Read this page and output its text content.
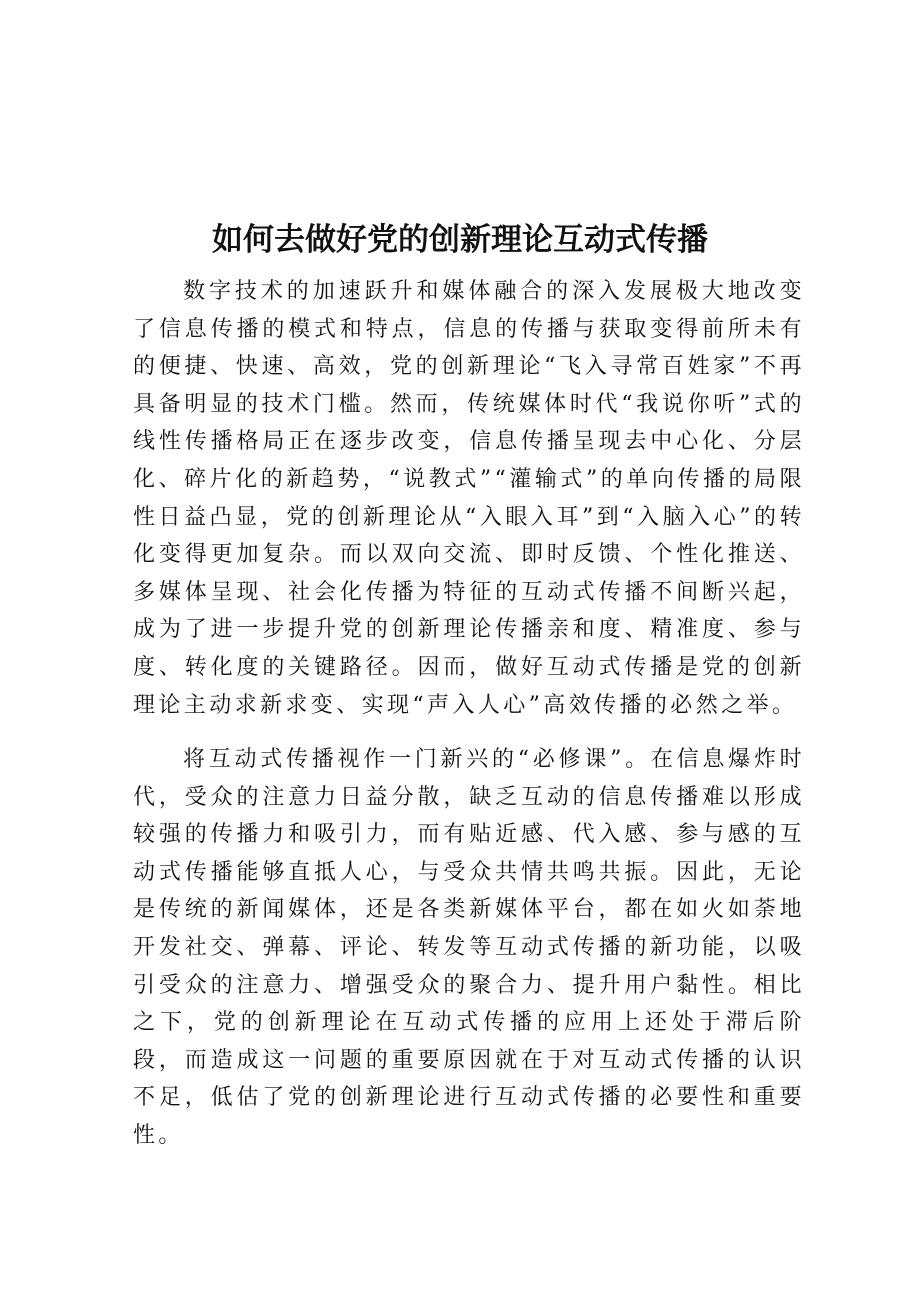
如何去做好党的创新理论互动式传播

数字技术的加速跃升和媒体融合的深入发展极大地改变了信息传播的模式和特点，信息的传播与获取变得前所未有的便捷、快速、高效，党的创新理论“飞入寻常百姓家”不再具备明显的技术门槛。然而，传统媒体时代“我说你听”式的线性传播格局正在逐步改变，信息传播呈现去中心化、分层化、碎片化的新趋势，“说教式”“灌输式”的单向传播的局限性日益凸显，党的创新理论从“入眼入耳”到“入脑入心”的转化变得更加复杂。而以双向交流、即时反馈、个性化推送、多媒体呈现、社会化传播为特征的互动式传播不间断兴起，成为了进一步提升党的创新理论传播亲和度、精准度、参与度、转化度的关键路径。因而，做好互动式传播是党的创新理论主动求新求变、实现“声入人心”高效传播的必然之举。

将互动式传播视作一门新兴的“必修课”。在信息爆炸时代，受众的注意力日益分散，缺乏互动的信息传播难以形成较强的传播力和吸引力，而有贴近感、代入感、参与感的互动式传播能够直抵人心，与受众共情共鸣共振。因此，无论是传统的新闻媒体，还是各类新媒体平台，都在如火如荼地开发社交、弹幕、评论、转发等互动式传播的新功能，以吸引受众的注意力、增强受众的聚合力、提升用户黏性。相比之下，党的创新理论在互动式传播的应用上还处于滞后阶段，而造成这一问题的重要原因就在于对互动式传播的认识不足，低估了党的创新理论进行互动式传播的必要性和重要性。
